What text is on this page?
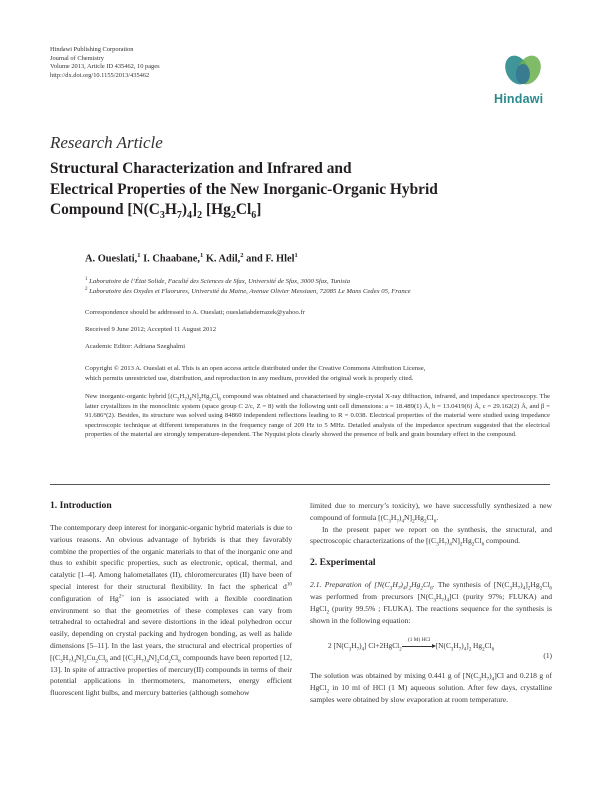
Hindawi Publishing Corporation
Journal of Chemistry
Volume 2013, Article ID 435462, 10 pages
http://dx.doi.org/10.1155/2013/435462
Hindawi
Research Article
Structural Characterization and Infrared and
Electrical Properties of the New Inorganic-Organic Hybrid
Compound $[N(C_3H_7)_4]_2$ $[Hg_2Cl_6]$
A. Oueslati,$^1$ I. Chaabane,$^1$ K. Adil,$^2$ and F. Hlel$^1$
$^1$ Laboratoire de l’État Solide, Faculté des Sciences de Sfax, Université de Sfax, 3000 Sfax, Tunisia
$^2$ Laboratoire des Oxydes et Fluorures, Université du Maine, Avenue Olivier Messiaen, 72085 Le Mans Cedex 05, France
Correspondence should be addressed to A. Oueslati; oueslatiabderrazek@yahoo.fr
Received 9 June 2012; Accepted 11 August 2012
Academic Editor: Adriana Szeghalmi
Copyright © 2013 A. Oueslati et al. This is an open access article distributed under the Creative Commons Attribution License,
which permits unrestricted use, distribution, and reproduction in any medium, provided the original work is properly cited.
New inorganic-organic hybrid $[(C_3H_7)_4N]_2Hg_2Cl_6$ compound was obtained and characterised by single-crystal X-ray diffraction, infrared, and impedance spectroscopy. The latter crystallizes in the monoclinic system (space group C 2/c, Z = 8) with the following unit cell dimensions: a = 18.489(1) Å, b = 13.0419(6) Å, c = 29.162(2) Å, and β = 91.686°(2). Besides, its structure was solved using 84860 independent reflections leading to R = 0.038. Electrical properties of the material were studied using impedance spectroscopic technique at different temperatures in the frequency range of 209 Hz to 5 MHz. Detailed analysis of the impedance spectrum suggested that the electrical properties of the material are strongly temperature-dependent. The Nyquist plots clearly showed the presence of bulk and grain boundary effect in the compound.
1. Introduction

The contemporary deep interest for inorganic-organic hybrid materials is due to various reasons. An obvious advantage of hybrids is that they favorably combine the properties of the organic materials to that of the inorganic one and thus to exhibit specific properties, such as electronic, optical, thermal, and catalytic [1–4]. Among halometallates (II), chloromercurates (II) have been of special interest for their structural flexibility. In fact the spherical $d^{10}$ configuration of $Hg^{2+}$ ion is associated with a flexible coordination environment so that the geometries of these complexes can vary from tetrahedral to octahedral and severe distortions in the ideal polyhedron occur easily, depending on crystal packing and hydrogen bonding, as well as halide dimensions [5–11]. In the last years, the structural and electrical properties of $[(C_3H_7)_4N]_2Cu_2Cl_6$ and $[(C_3H_7)_4N]_2Cd_2Cl_6$ compounds have been reported [12, 13]. In spite of attractive properties of mercury(II) compounds in terms of their potential applications in thermometers, manometers, energy efficient fluorescent light bulbs, and mercury batteries (although somehow

limited due to mercury’s toxicity), we have successfully synthesized a new compound of formula $[(C_3H_7)_4N]_2Hg_2Cl_6$.

In the present paper we report on the synthesis, the structural, and spectroscopic characterizations of the $[(C_3H_7)_4N]_2Hg_2Cl_6$ compound.

2. Experimental

2.1. Preparation of $[N(C_3H_7)_4]_2Hg_2Cl_6$. The synthesis of $[N(C_3H_7)_4]_2Hg_2Cl_6$ was performed from precursors $[N(C_3H_7)_4]Cl$ (purity 97%; FLUKA) and HgCl$_2$ (purity 99.5% ; FLUKA). The reactions sequence for the synthesis is shown in the following equation:

2 $[N(C_3H_7)_4]$ Cl+2HgCl$_2$	$[N(C_3H_7)_4]_2$ $Hg_2Cl_6$
(1 M) HCl
(1)

The solution was obtained by mixing 0.441 g of $[N(C_3H_7)_4]Cl$ and 0.218 g of HgCl$_2$ in 10 ml of HCl (1 M) aqueous solution. After few days, crystalline samples were obtained by slow evaporation at room temperature.
